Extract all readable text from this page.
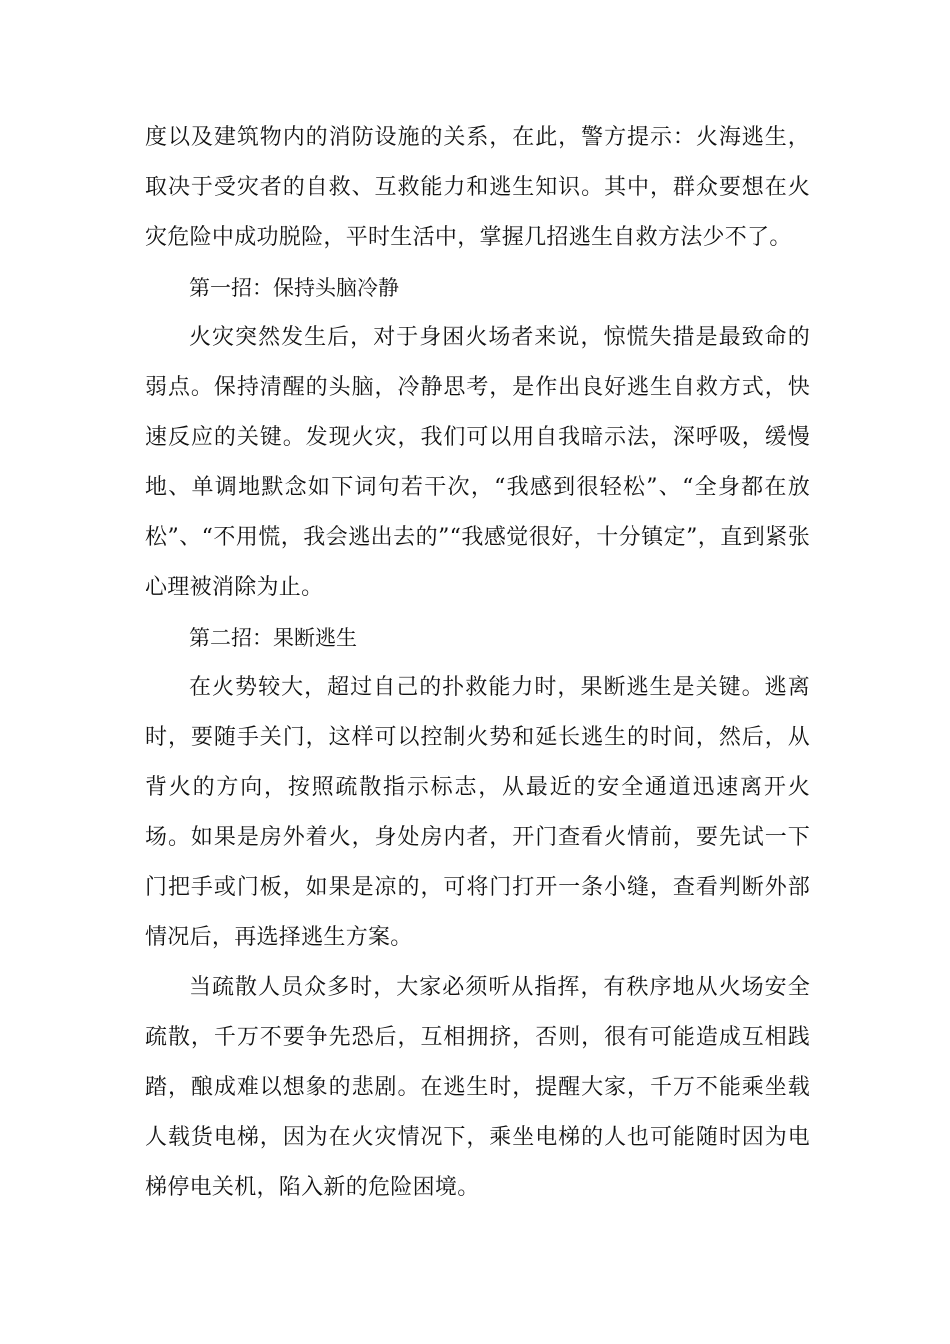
度以及建筑物内的消防设施的关系，在此，警方提示：火海逃生，取决于受灾者的自救、互救能力和逃生知识。其中，群众要想在火灾危险中成功脱险，平时生活中，掌握几招逃生自救方法少不了。

第一招：保持头脑冷静

火灾突然发生后，对于身困火场者来说，惊慌失措是最致命的弱点。保持清醒的头脑，冷静思考，是作出良好逃生自救方式，快速反应的关键。发现火灾，我们可以用自我暗示法，深呼吸，缓慢地、单调地默念如下词句若干次，“我感到很轻松”、“全身都在放松”、“不用慌，我会逃出去的”“我感觉很好，十分镇定”，直到紧张心理被消除为止。

第二招：果断逃生

在火势较大，超过自己的扑救能力时，果断逃生是关键。逃离时，要随手关门，这样可以控制火势和延长逃生的时间，然后，从背火的方向，按照疏散指示标志，从最近的安全通道迅速离开火场。如果是房外着火，身处房内者，开门查看火情前，要先试一下门把手或门板，如果是凉的，可将门打开一条小缝，查看判断外部情况后，再选择逃生方案。

当疏散人员众多时，大家必须听从指挥，有秩序地从火场安全疏散，千万不要争先恐后，互相拥挤，否则，很有可能造成互相践踏，酿成难以想象的悲剧。在逃生时，提醒大家，千万不能乘坐载人载货电梯，因为在火灾情况下，乘坐电梯的人也可能随时因为电梯停电关机，陷入新的危险困境。
